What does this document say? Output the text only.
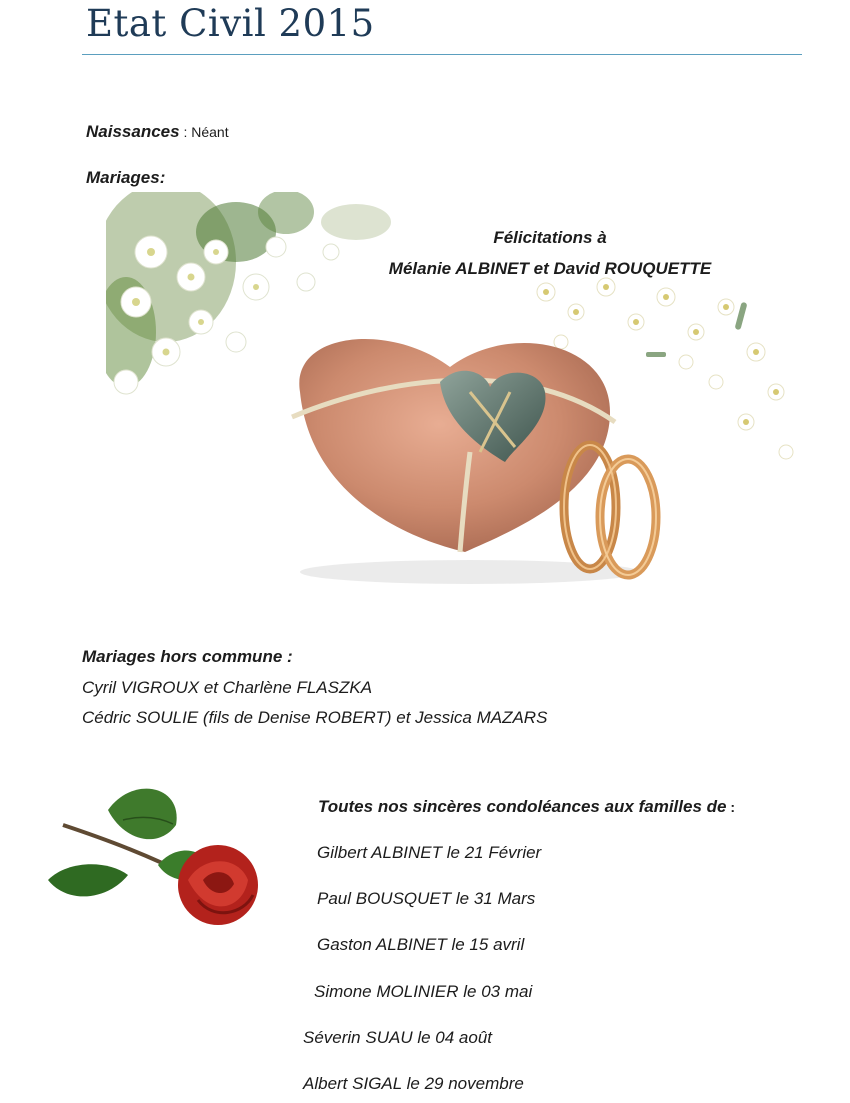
Etat Civil 2015
Naissances : Néant
Mariages:
Félicitations à
Mélanie ALBINET et David ROUQUETTE
Mariages hors commune :
Cyril VIGROUX et Charlène FLASZKA
Cédric SOULIE (fils de Denise ROBERT) et Jessica MAZARS
Toutes nos sincères condoléances aux familles de :
Gilbert ALBINET le 21 Février
Paul BOUSQUET le 31 Mars
Gaston ALBINET le 15 avril
Simone MOLINIER le 03 mai
Séverin SUAU le 04 août
Albert SIGAL le 29 novembre
